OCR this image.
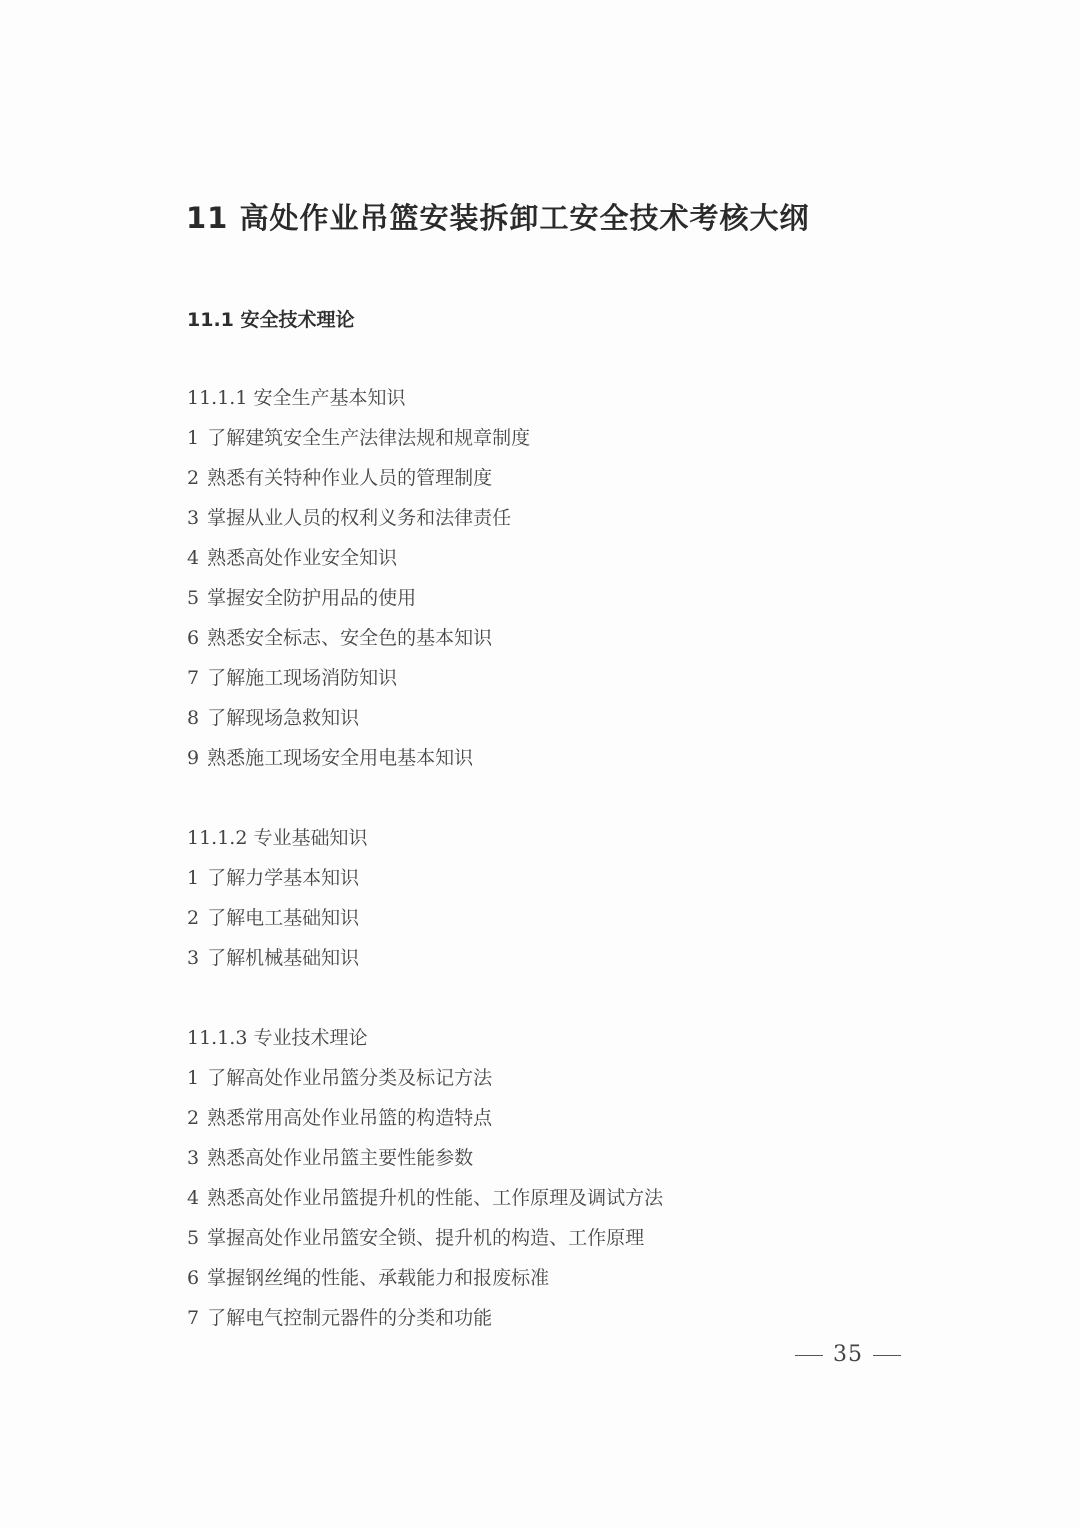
11 高处作业吊篮安装拆卸工安全技术考核大纲
11.1 安全技术理论
11.1.1 安全生产基本知识
1 了解建筑安全生产法律法规和规章制度
2 熟悉有关特种作业人员的管理制度
3 掌握从业人员的权利义务和法律责任
4 熟悉高处作业安全知识
5 掌握安全防护用品的使用
6 熟悉安全标志、安全色的基本知识
7 了解施工现场消防知识
8 了解现场急救知识
9 熟悉施工现场安全用电基本知识
11.1.2 专业基础知识
1 了解力学基本知识
2 了解电工基础知识
3 了解机械基础知识
11.1.3 专业技术理论
1 了解高处作业吊篮分类及标记方法
2 熟悉常用高处作业吊篮的构造特点
3 熟悉高处作业吊篮主要性能参数
4 熟悉高处作业吊篮提升机的性能、工作原理及调试方法
5 掌握高处作业吊篮安全锁、提升机的构造、工作原理
6 掌握钢丝绳的性能、承载能力和报废标准
7 了解电气控制元器件的分类和功能
35
